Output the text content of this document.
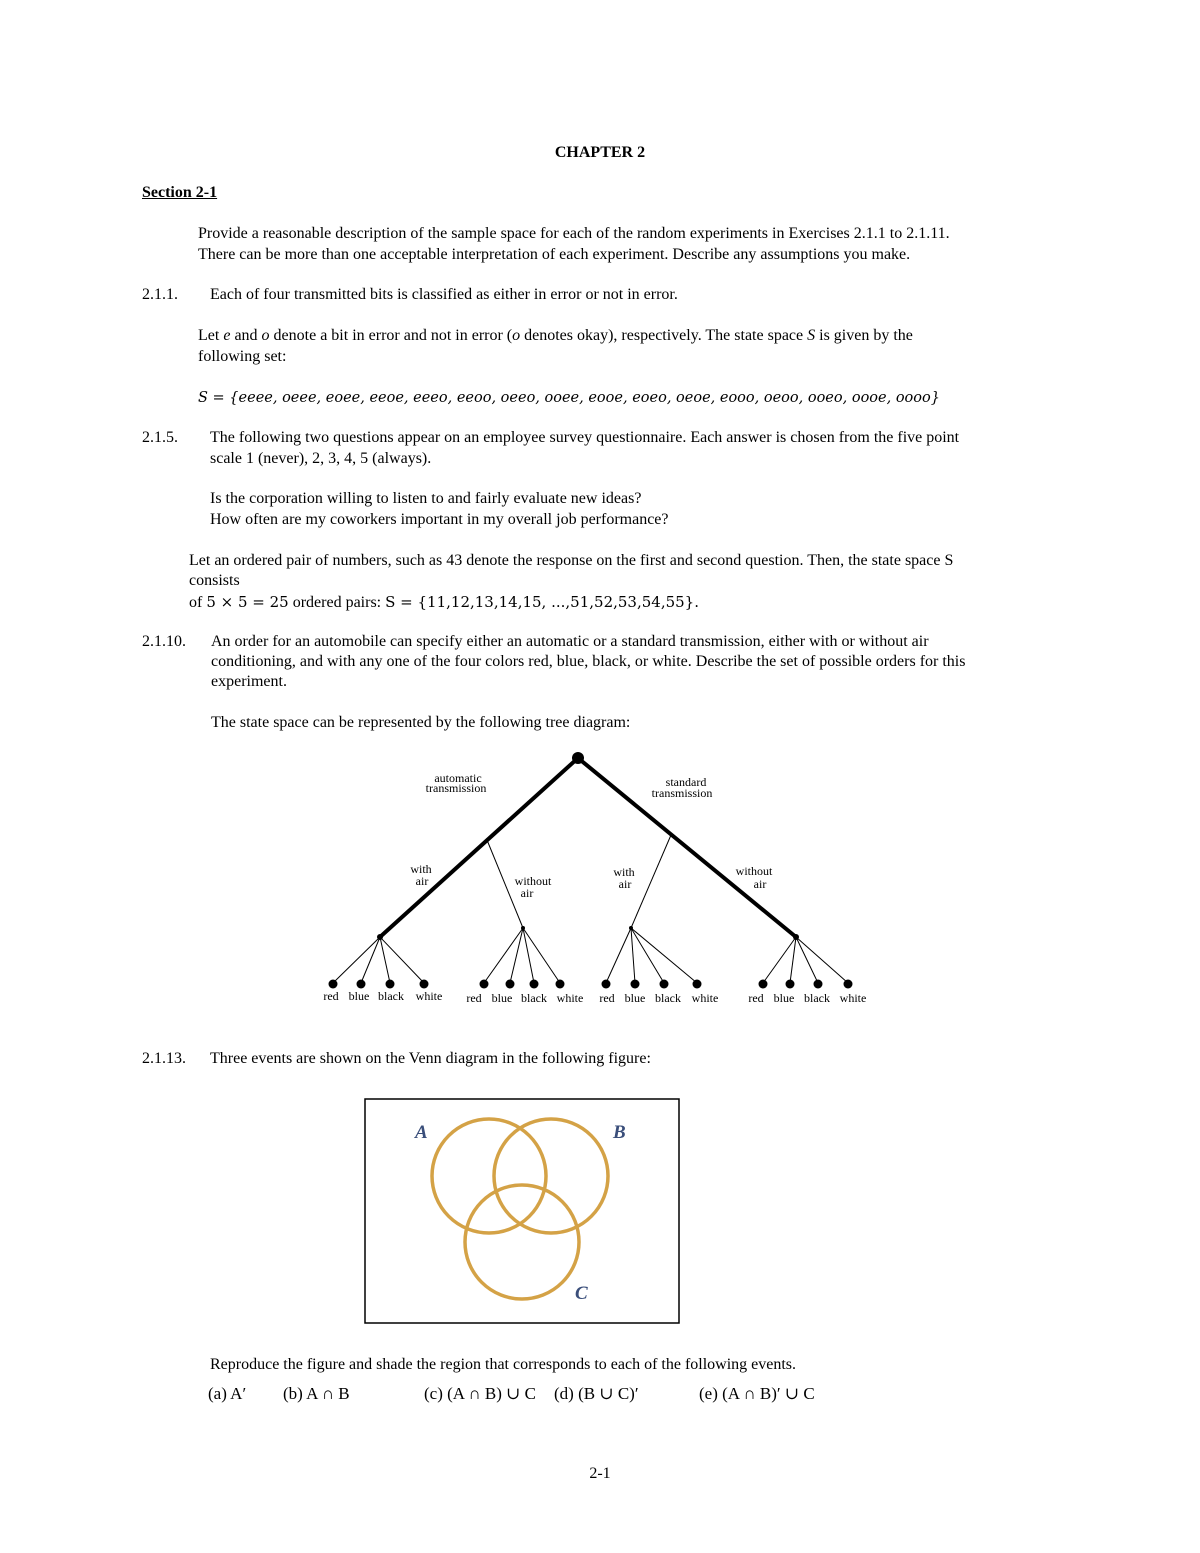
CHAPTER 2
Section 2-1
Provide a reasonable description of the sample space for each of the random experiments in Exercises 2.1.1 to 2.1.11.
There can be more than one acceptable interpretation of each experiment. Describe any assumptions you make.
2.1.1. Each of four transmitted bits is classified as either in error or not in error.
Let e and o denote a bit in error and not in error (o denotes okay), respectively. The state space S is given by the
following set:
S = {eeee, oeee, eoee, eeoe, eeeo, eeoo, oeeo, ooee, eooe, eoeo, oeoe, eooo, oeoo, ooeo, oooe, oooo}
2.1.5. The following two questions appear on an employee survey questionnaire. Each answer is chosen from the five point
scale 1 (never), 2, 3, 4, 5 (always).
Is the corporation willing to listen to and fairly evaluate new ideas?
How often are my coworkers important in my overall job performance?
Let an ordered pair of numbers, such as 43 denote the response on the first and second question. Then, the state space S
consists
of 5 × 5 = 25 ordered pairs: S = {11,12,13,14,15, ...,51,52,53,54,55}.
2.1.10. An order for an automobile can specify either an automatic or a standard transmission, either with or without air
conditioning, and with any one of the four colors red, blue, black, or white. Describe the set of possible orders for this
experiment.
The state space can be represented by the following tree diagram:
automatic
transmission	standard
transmission
with
air	without
air
with
air
without
air
red blue black white red blue black white red blue black white	red blue black white
2.1.13. Three events are shown on the Venn diagram in the following figure:
A	B
C
Reproduce the figure and shade the region that corresponds to each of the following events.
(a) A′ (b) A ∩ B	(c) (A ∩ B) ∪ C (d) (B ∪ C)′	(e) (A ∩ B)′ ∪ C
2-1
